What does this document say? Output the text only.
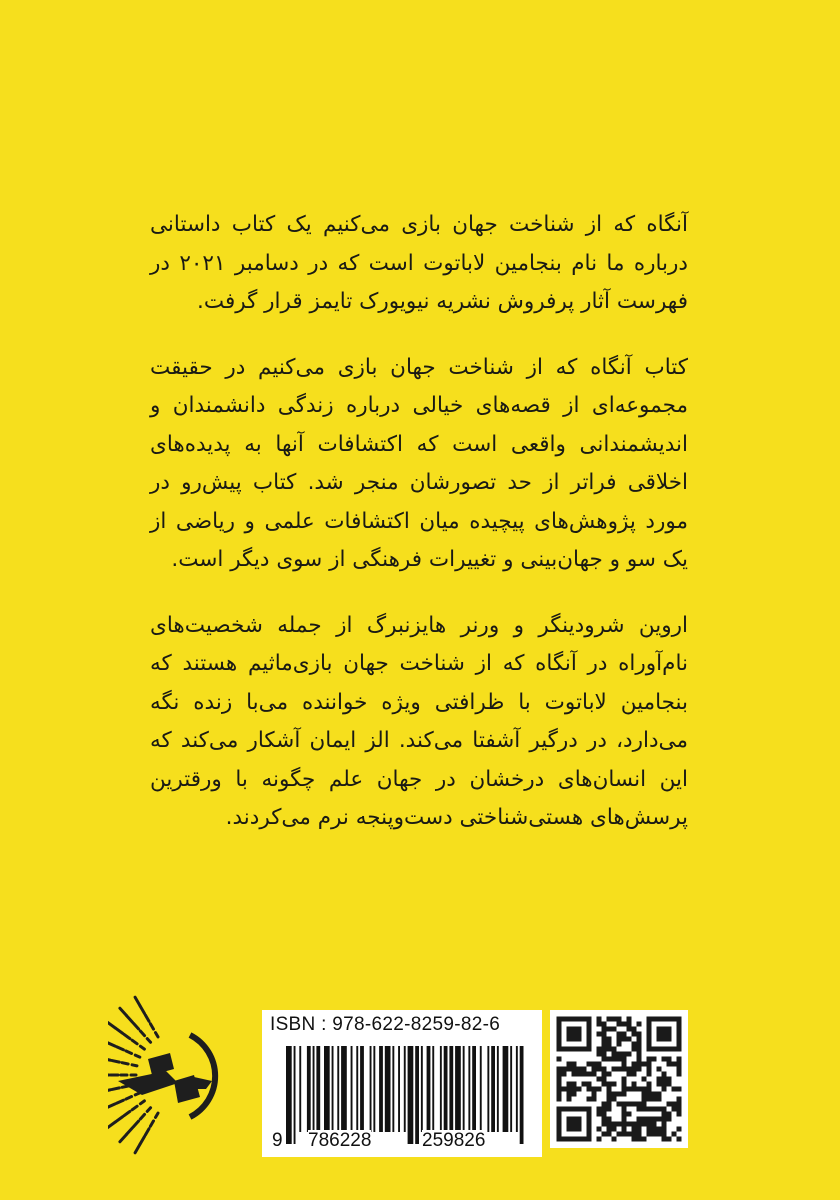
آنگاه که از شناخت جهان بازی می‌کنیم یک کتاب داستانی درباره ما نام بنجامین لاباتوت است که در دسامبر ۲۰۲۱ در فهرست آثار پرفروش نشریه نیویورک تایمز قرار گرفت.

کتاب آنگاه که از شناخت جهان بازی می‌کنیم در حقیقت مجموعه‌ای از قصه‌های خیالی درباره زندگی دانشمندان و اندیشمندانی واقعی است که اکتشافات آنها به پدیده‌های اخلاقی فراتر از حد تصورشان منجر شد. کتاب پیش‌رو در مورد پژوهش‌های پیچیده میان اکتشافات علمی و ریاضی از یک سو و جهان‌بینی و تغییرات فرهنگی از سوی دیگر است.

اروین شرودینگر و ورنر هایزنبرگ از جمله شخصیت‌های نام‌آوراه در آنگاه که از شناخت جهان بازی‌ماثیم هستند که بنجامین لاباتوت با ظرافتی ویژه خواننده می‌با زنده نگه می‌دارد، در درگیر آشفتا می‌کند. الز ایمان آشکار می‌کند که این انسان‌های درخشان در جهان علم چگونه با ورقترین پرسش‌های هستی‌شناختی دست‌وپنجه نرم می‌کردند.

ISBN : 978-622-8259-82-6
9 786228	259826
